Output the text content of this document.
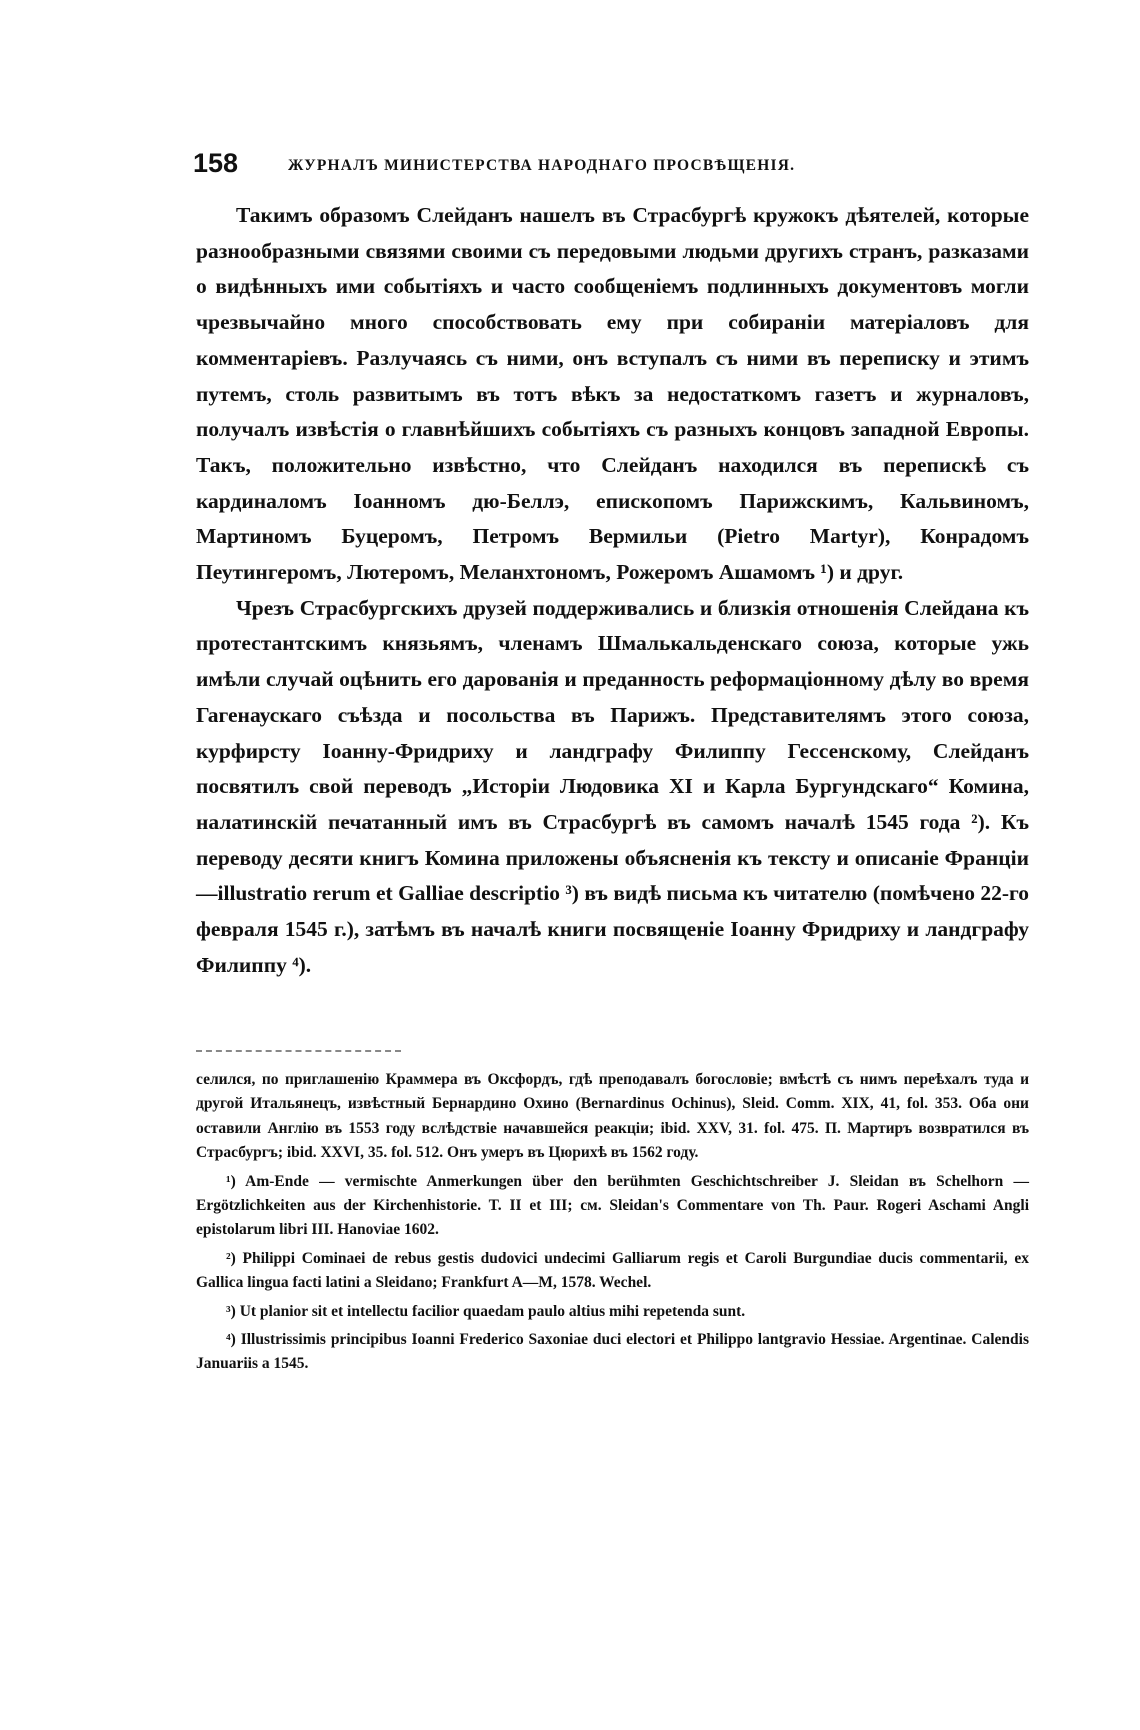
158	ЖУРНАЛЪ МИНИСТЕРСТВА НАРОДНАГО ПРОСВѢЩЕНІЯ.

Такимъ образомъ Слейданъ нашелъ въ Страсбургѣ кружокъ дѣятелей, которые разнообразными связями своими съ передовыми людьми другихъ странъ, разказами о видѣнныхъ ими событіяхъ и часто сообщеніемъ подлинныхъ документовъ могли чрезвычайно много способствовать ему при собираніи матеріаловъ для комментаріевъ. Разлучаясь съ ними, онъ вступалъ съ ними въ переписку и этимъ путемъ, столь развитымъ въ тотъ вѣкъ за недостаткомъ газетъ и журналовъ, получалъ извѣстія о главнѣйшихъ событіяхъ съ разныхъ концовъ западной Европы. Такъ, положительно извѣстно, что Слейданъ находился въ перепискѣ съ кардиналомъ Іоанномъ дю-Беллэ, епископомъ Парижскимъ, Кальвиномъ, Мартиномъ Буцеромъ, Петромъ Вермильи (Pietro Martyr), Конрадомъ Пеутингеромъ, Лютеромъ, Меланхтономъ, Рожеромъ Ашамомъ ¹) и друг.

Чрезъ Страсбургскихъ друзей поддерживались и близкія отношенія Слейдана къ протестантскимъ князьямъ, членамъ Шмалькальденскаго союза, которые ужь имѣли случай оцѣнить его дарованія и преданность реформаціонному дѣлу во время Гагенаускаго съѣзда и посольства въ Парижъ. Представителямъ этого союза, курфирсту Іоанну-Фридриху и ландграфу Филиппу Гессенскому, Слейданъ посвятилъ свой переводъ „Исторіи Людовика XI и Карла Бургундскаго“ Комина, налатинскій печатанный имъ въ Страсбургѣ въ самомъ началѣ 1545 года ²). Къ переводу десяти книгъ Комина приложены объясненія къ тексту и описаніе Франціи—illustratio rerum et Galliae descriptio ³) въ видѣ письма къ читателю (помѣчено 22-го февраля 1545 г.), затѣмъ въ началѣ книги посвященіе Іоанну Фридриху и ландграфу Филиппу ⁴).

селился, по приглашенію Краммера въ Оксфордъ, гдѣ преподавалъ богословіе; вмѣстѣ съ нимъ переѣхалъ туда и другой Итальянецъ, извѣстный Бернардино Охино (Bernardinus Ochinus), Sleid. Comm. XIX, 41, fol. 353. Оба они оставили Англію въ 1553 году вслѣдствіе начавшейся реакціи; ibid. XXV, 31. fol. 475. П. Мартиръ возвратился въ Страсбургъ; ibid. XXVI, 35. fol. 512. Онъ умеръ въ Цюрихѣ въ 1562 году.

¹) Am-Ende — vermischte Anmerkungen über den berühmten Geschichtschreiber J. Sleidan въ Schelhorn — Ergötzlichkeiten aus der Kirchenhistorie. T. II et III; см. Sleidan's Commentare von Th. Paur. Rogeri Aschami Angli epistolarum libri III. Hanoviae 1602.

²) Philippi Cominaei de rebus gestis dudovici undecimi Galliarum regis et Caroli Burgundiae ducis commentarii, ex Gallica lingua facti latini a Sleidano; Frankfurt A—M, 1578. Wechel.

³) Ut planior sit et intellectu facilior quaedam paulo altius mihi repetenda sunt.

⁴) Illustrissimis principibus Ioanni Frederico Saxoniae duci electori et Philippo lantgravio Hessiae. Argentinae. Calendis Januariis a 1545.
